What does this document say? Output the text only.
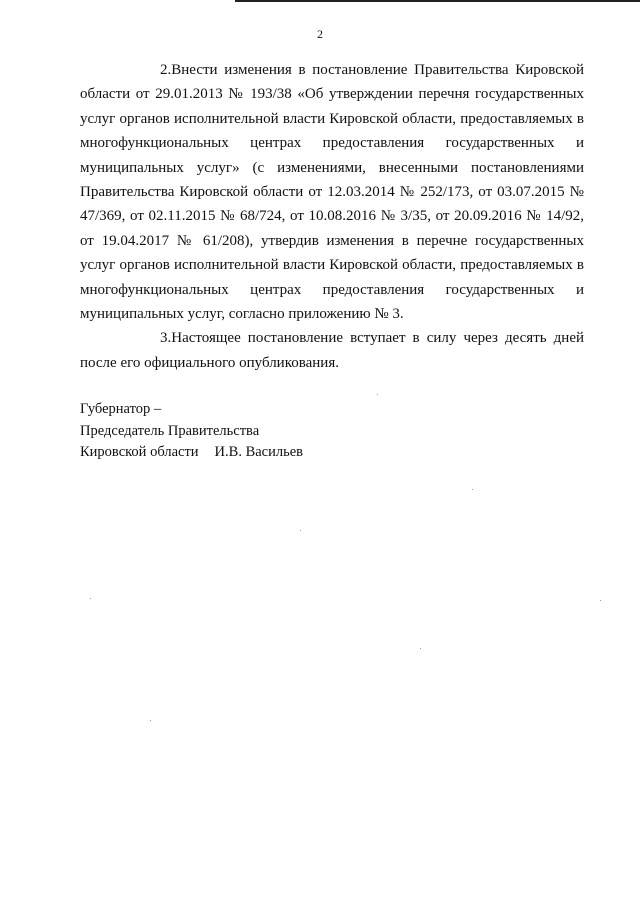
2

2.Внести изменения в постановление Правительства Кировской области от 29.01.2013 № 193/38 «Об утверждении перечня государственных услуг органов исполнительной власти Кировской области, предоставляемых в многофункциональных центрах предоставления государственных и муниципальных услуг» (с изменениями, внесенными постановлениями Правительства Кировской области от 12.03.2014 № 252/173, от 03.07.2015 № 47/369, от 02.11.2015 № 68/724, от 10.08.2016 № 3/35, от 20.09.2016 № 14/92, от 19.04.2017 № 61/208), утвердив изменения в перечне государственных услуг органов исполнительной власти Кировской области, предоставляемых в многофункциональных центрах предоставления государственных и муниципальных услуг, согласно приложению № 3.

3.Настоящее постановление вступает в силу через десять дней после его официального опубликования.

Губернатор –
Председатель Правительства
Кировской области И.В. Васильев
